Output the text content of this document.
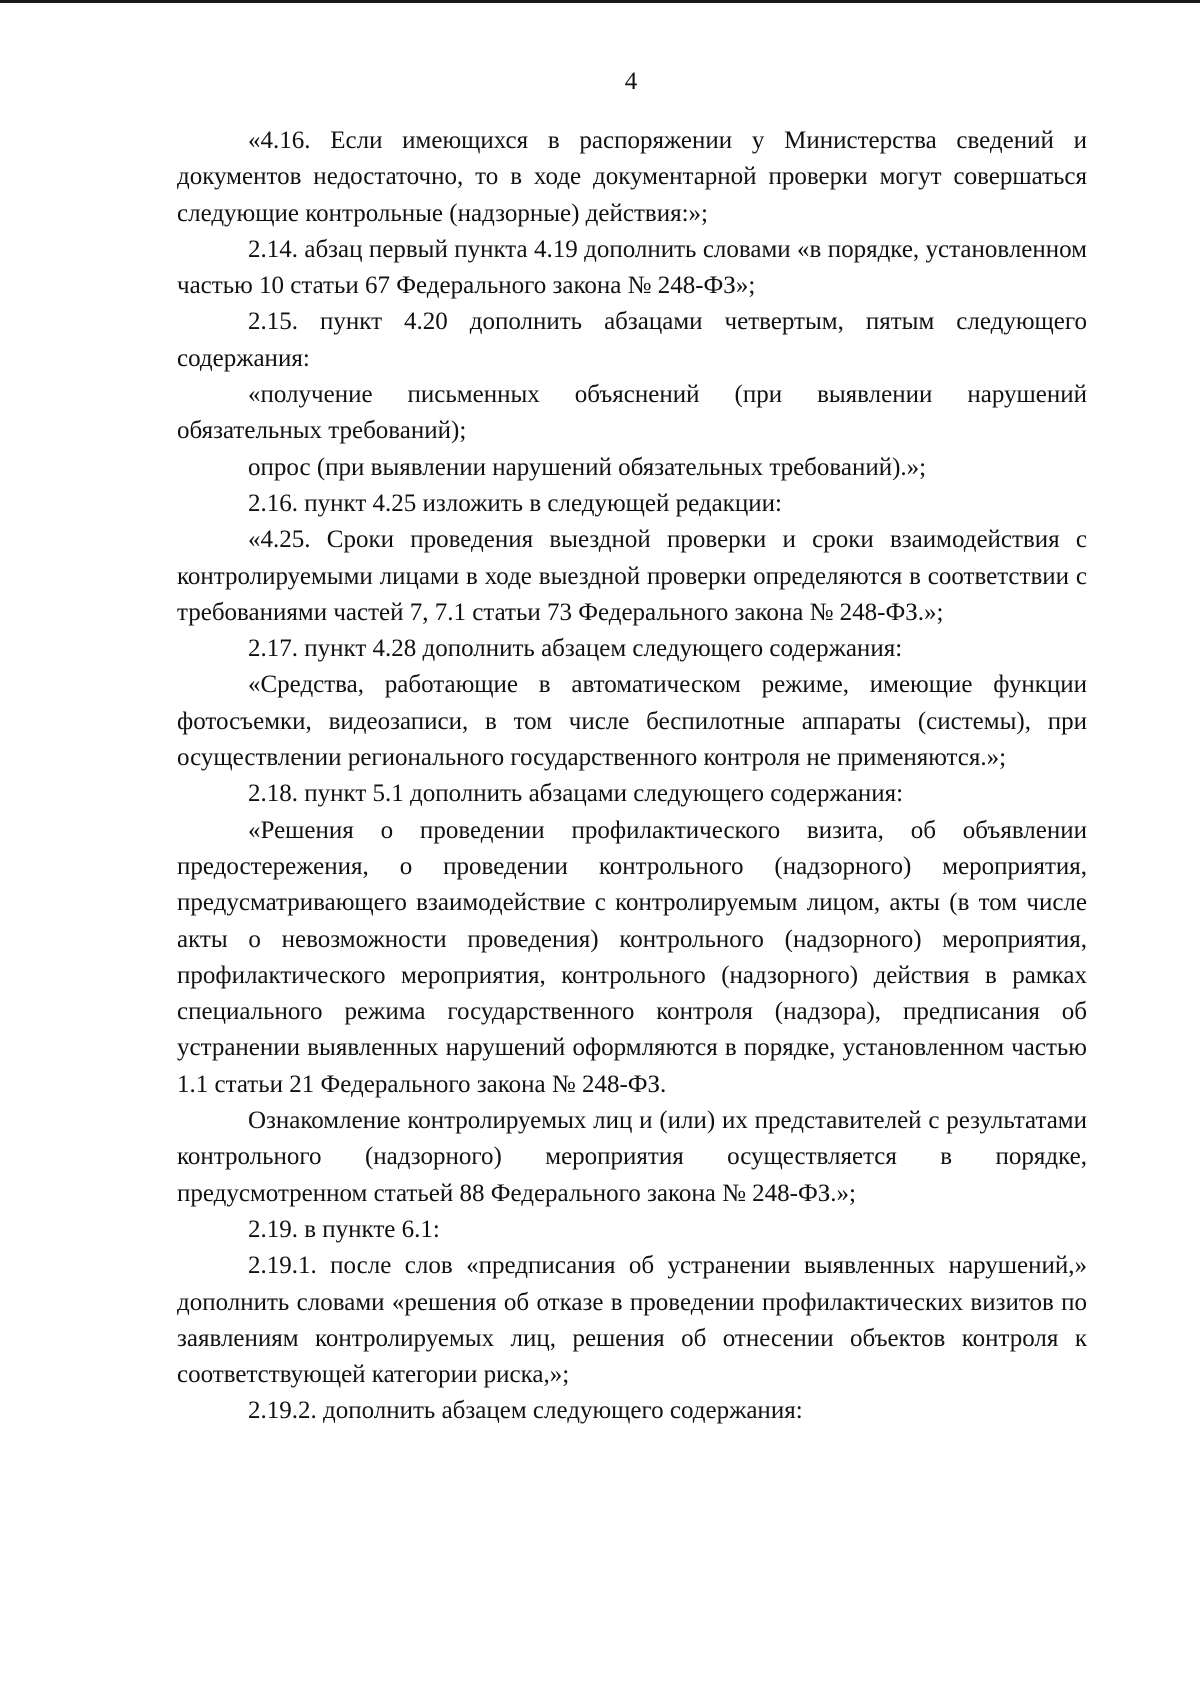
4

«4.16. Если имеющихся в распоряжении у Министерства сведений и документов недостаточно, то в ходе документарной проверки могут совершаться следующие контрольные (надзорные) действия:»;

2.14. абзац первый пункта 4.19 дополнить словами «в порядке, установленном частью 10 статьи 67 Федерального закона № 248-ФЗ»;

2.15. пункт 4.20 дополнить абзацами четвертым, пятым следующего содержания:

«получение письменных объяснений (при выявлении нарушений обязательных требований);

опрос (при выявлении нарушений обязательных требований).»;

2.16. пункт 4.25 изложить в следующей редакции:

«4.25. Сроки проведения выездной проверки и сроки взаимодействия с контролируемыми лицами в ходе выездной проверки определяются в соответствии с требованиями частей 7, 7.1 статьи 73 Федерального закона № 248-ФЗ.»;

2.17. пункт 4.28 дополнить абзацем следующего содержания:

«Средства, работающие в автоматическом режиме, имеющие функции фотосъемки, видеозаписи, в том числе беспилотные аппараты (системы), при осуществлении регионального государственного контроля не применяются.»;

2.18. пункт 5.1 дополнить абзацами следующего содержания:

«Решения о проведении профилактического визита, об объявлении предостережения, о проведении контрольного (надзорного) мероприятия, предусматривающего взаимодействие с контролируемым лицом, акты (в том числе акты о невозможности проведения) контрольного (надзорного) мероприятия, профилактического мероприятия, контрольного (надзорного) действия в рамках специального режима государственного контроля (надзора), предписания об устранении выявленных нарушений оформляются в порядке, установленном частью 1.1 статьи 21 Федерального закона № 248-ФЗ.

Ознакомление контролируемых лиц и (или) их представителей с результатами контрольного (надзорного) мероприятия осуществляется в порядке, предусмотренном статьей 88 Федерального закона № 248-ФЗ.»;

2.19. в пункте 6.1:

2.19.1. после слов «предписания об устранении выявленных нарушений,» дополнить словами «решения об отказе в проведении профилактических визитов по заявлениям контролируемых лиц, решения об отнесении объектов контроля к соответствующей категории риска,»;

2.19.2. дополнить абзацем следующего содержания:
